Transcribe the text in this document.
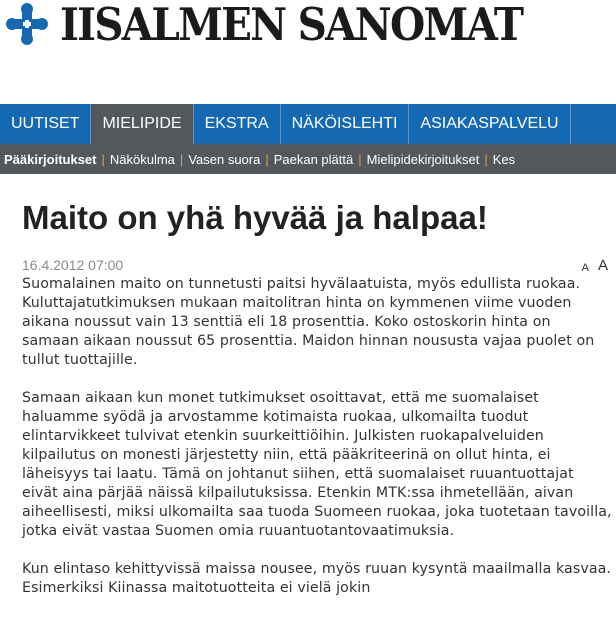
IISALMEN SANOMAT
UUTISET	MIELIPIDE	EKSTRA	NÄKÖISLEHTI	ASIAKASPALVELU
Pääkirjoitukset | Näkökulma | Vasen suora | Paekan plättä | Mielipidekirjoitukset | Kes
Maito on yhä hyvää ja halpaa!
16.4.2012 07:00	A A

Suomalainen maito on tunnetusti paitsi hyvälaatuista, myös edullista ruokaa. Kuluttajatutkimuksen mukaan maitolitran hinta on kymmenen viime vuoden aikana noussut vain 13 senttiä eli 18 prosenttia. Koko ostoskorin hinta on samaan aikaan noussut 65 prosenttia. Maidon hinnan noususta vajaa puolet on tullut tuottajille.

Samaan aikaan kun monet tutkimukset osoittavat, että me suomalaiset haluamme syödä ja arvostamme kotimaista ruokaa, ulkomailta tuodut elintarvikkeet tulvivat etenkin suurkeittiöihin. Julkisten ruokapalveluiden kilpailutus on monesti järjestetty niin, että pääkriteerinä on ollut hinta, ei läheisyys tai laatu. Tämä on johtanut siihen, että suomalaiset ruuantuottajat eivät aina pärjää näissä kilpailutuksissa. Etenkin MTK:ssa ihmetellään, aivan aiheellisesti, miksi ulkomailta saa tuoda Suomeen ruokaa, joka tuotetaan tavoilla, jotka eivät vastaa Suomen omia ruuantuotantovaatimuksia.

Kun elintaso kehittyvissä maissa nousee, myös ruuan kysyntä maailmalla kasvaa. Esimerkiksi Kiinassa maitotuotteita ei vielä jokin
